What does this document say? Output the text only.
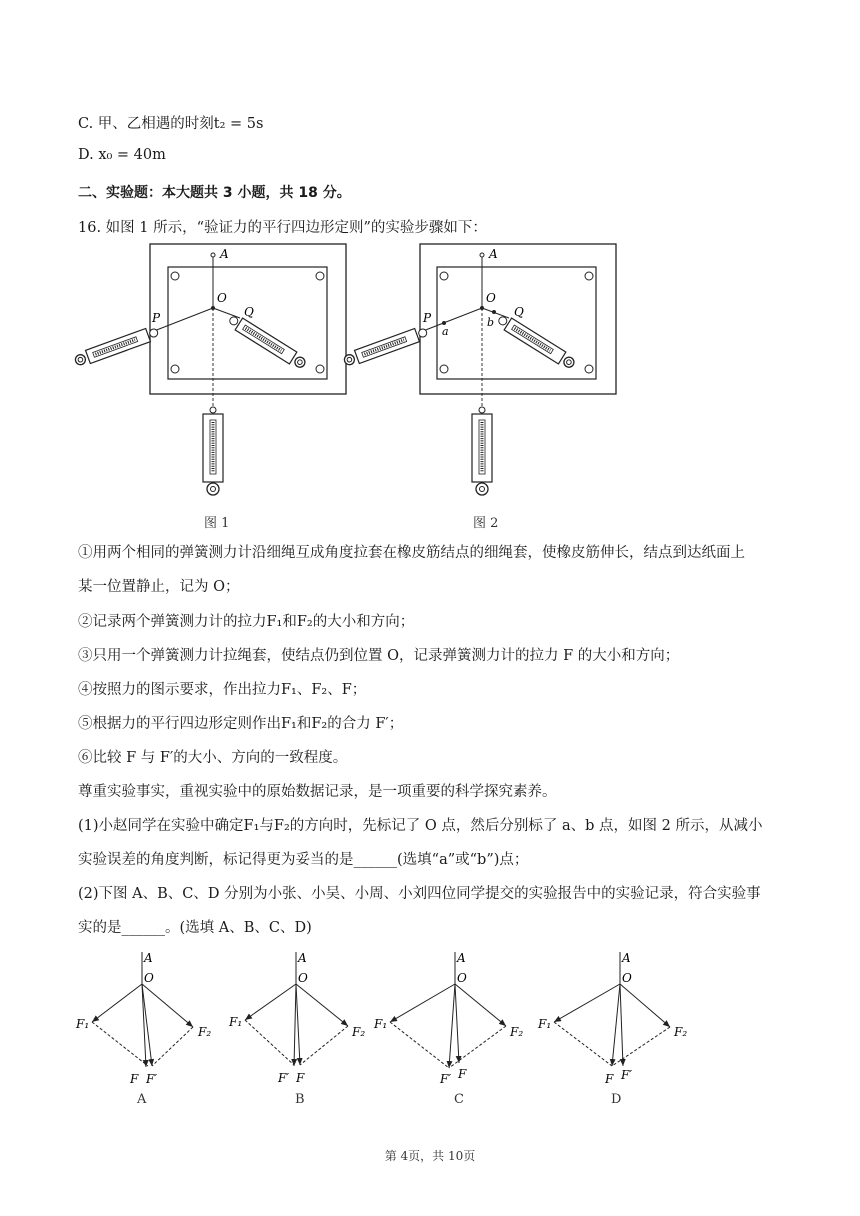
C. 甲、乙相遇的时刻t₂ = 5s
D. x₀ = 40m
二、实验题：本大题共 3 小题，共 18 分。
16. 如图 1 所示，“验证力的平行四边形定则”的实验步骤如下：
A
O
P	Q
A
O
P	Q
a
b
图 1	图 2
①用两个相同的弹簧测力计沿细绳互成角度拉套在橡皮筋结点的细绳套，使橡皮筋伸长，结点到达纸面上
某一位置静止，记为 O；
②记录两个弹簧测力计的拉力F₁和F₂的大小和方向；
③只用一个弹簧测力计拉绳套，使结点仍到位置 O，记录弹簧测力计的拉力 F 的大小和方向；
④按照力的图示要求，作出拉力F₁、F₂、F；
⑤根据力的平行四边形定则作出F₁和F₂的合力 F′；
⑥比较 F 与 F′的大小、方向的一致程度。
尊重实验事实，重视实验中的原始数据记录，是一项重要的科学探究素养。
(1)小赵同学在实验中确定F₁与F₂的方向时，先标记了 O 点，然后分别标了 a、b 点，如图 2 所示，从减小
实验误差的角度判断，标记得更为妥当的是______(选填“a”或“b”)点；
(2)下图 A、B、C、D 分别为小张、小吴、小周、小刘四位同学提交的实验报告中的实验记录，符合实验事
实的是______。(选填 A、B、C、D)
A
O
F₁
F₂
F F′
A
O
F₁
F₂
F′ F
A
O
F₁
F₂
F′ F
A
O
F₁
F₂
F F′
A	B	C	D
第 4页，共 10页
